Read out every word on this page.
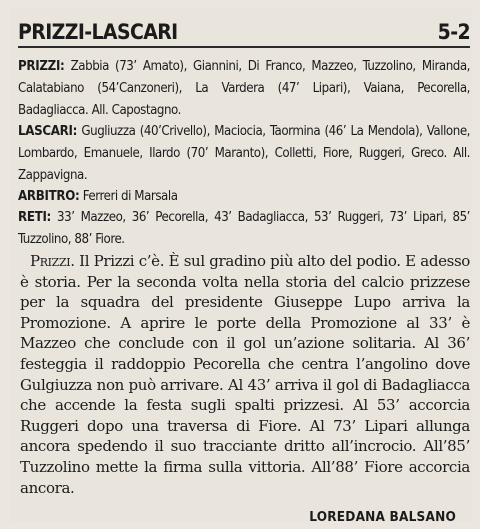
PRIZZI-LASCARI	5-2
PRIZZI: Zabbia (73’ Amato), Giannini, Di Franco, Mazzeo, Tuzzolino, Miranda, Calatabiano (54’Canzoneri), La Vardera (47’ Lipari), Vaiana, Pecorella, Badagliacca. All. Capostagno.
LASCARI: Gugliuzza (40’Crivello), Maciocia, Taormina (46’ La Mendola), Vallone, Lombardo, Emanuele, Ilardo (70’ Maranto), Colletti, Fiore, Ruggeri, Greco. All. Zappavigna.
ARBITRO: Ferreri di Marsala
RETI: 33’ Mazzeo, 36’ Pecorella, 43’ Badagliacca, 53’ Ruggeri, 73’ Lipari, 85’ Tuzzolino, 88’ Fiore.
Prizzi. Il Prizzi c’è. È sul gradino più alto del podio. E adesso è storia. Per la seconda volta nella storia del calcio prizzese per la squadra del presidente Giuseppe Lupo arriva la Promozione. A aprire le porte della Promozione al 33’ è Mazzeo che conclude con il gol un’azione solitaria. Al 36’ festeggia il raddoppio Pecorella che centra l’angolino dove Gulgiuzza non può arrivare. Al 43’ arriva il gol di Badagliacca che accende la festa sugli spalti prizzesi. Al 53’ accorcia Ruggeri dopo una traversa di Fiore. Al 73’ Lipari allunga ancora spedendo il suo tracciante dritto all’incrocio. All’85’ Tuzzolino mette la firma sulla vittoria. All’88’ Fiore accorcia ancora.
LOREDANA BALSANO
